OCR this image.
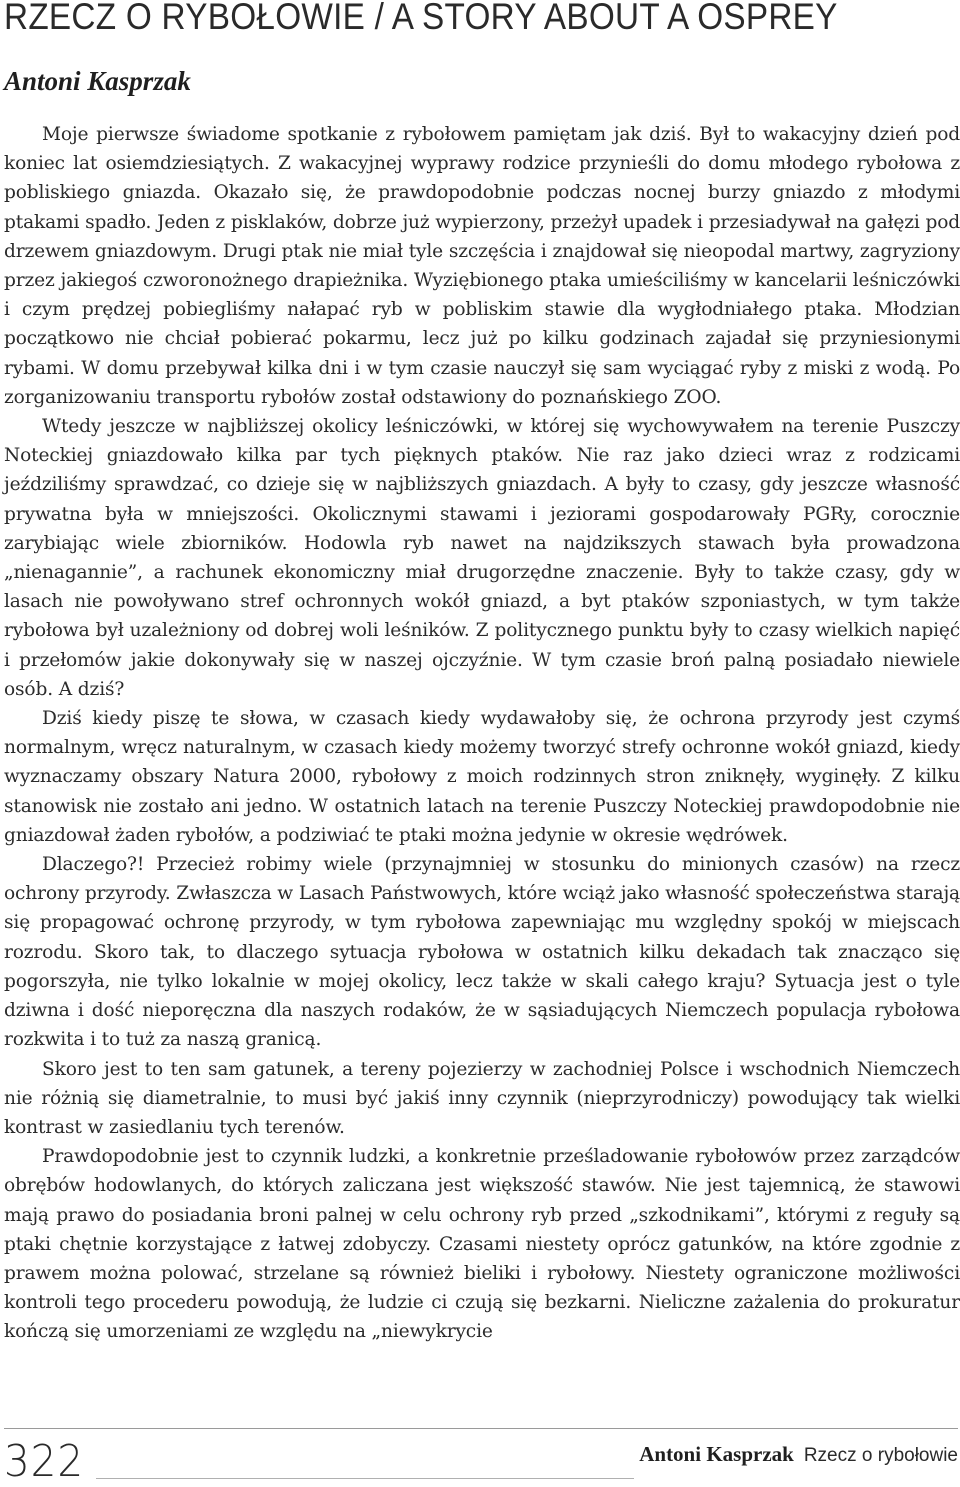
RZECZ O RYBOŁOWIE / A STORY ABOUT A OSPREY
Antoni Kasprzak

Moje pierwsze świadome spotkanie z rybołowem pamiętam jak dziś. Był to wakacyjny dzień pod koniec lat osiemdziesiątych. Z wakacyjnej wyprawy rodzice przynieśli do domu młodego rybołowa z pobliskiego gniazda. Okazało się, że prawdopodobnie podczas nocnej burzy gniazdo z młodymi ptakami spadło. Jeden z pisklaków, dobrze już wypierzony, przeżył upadek i przesiadywał na gałęzi pod drzewem gniazdowym. Drugi ptak nie miał tyle szczęścia i znajdował się nieopodal martwy, zagryziony przez jakiegoś czworonożnego drapieżnika. Wyziębionego ptaka umieściliśmy w kancelarii leśniczówki i czym prędzej pobiegliśmy nałapać ryb w pobliskim stawie dla wygłodniałego ptaka. Młodzian początkowo nie chciał pobierać pokarmu, lecz już po kilku godzinach zajadał się przyniesionymi rybami. W domu przebywał kilka dni i w tym czasie nauczył się sam wyciągać ryby z miski z wodą. Po zorganizowaniu transportu rybołów został odstawiony do poznańskiego ZOO.

Wtedy jeszcze w najbliższej okolicy leśniczówki, w której się wychowywałem na terenie Puszczy Noteckiej gniazdowało kilka par tych pięknych ptaków. Nie raz jako dzieci wraz z rodzicami jeździliśmy sprawdzać, co dzieje się w najbliższych gniazdach. A były to czasy, gdy jeszcze własność prywatna była w mniejszości. Okolicznymi stawami i jeziorami gospodarowały PGRy, corocznie zarybiając wiele zbiorników. Hodowla ryb nawet na najdzikszych stawach była prowadzona „nienagannie”, a rachunek ekonomiczny miał drugorzędne znaczenie. Były to także czasy, gdy w lasach nie powoływano stref ochronnych wokół gniazd, a byt ptaków szponiastych, w tym także rybołowa był uzależniony od dobrej woli leśników. Z politycznego punktu były to czasy wielkich napięć i przełomów jakie dokonywały się w naszej ojczyźnie. W tym czasie broń palną posiadało niewiele osób. A dziś?

Dziś kiedy piszę te słowa, w czasach kiedy wydawałoby się, że ochrona przyrody jest czymś normalnym, wręcz naturalnym, w czasach kiedy możemy tworzyć strefy ochronne wokół gniazd, kiedy wyznaczamy obszary Natura 2000, rybołowy z moich rodzinnych stron zniknęły, wyginęły. Z kilku stanowisk nie zostało ani jedno. W ostatnich latach na terenie Puszczy Noteckiej prawdopodobnie nie gniazdował żaden rybołów, a podziwiać te ptaki można jedynie w okresie wędrówek.

Dlaczego?! Przecież robimy wiele (przynajmniej w stosunku do minionych czasów) na rzecz ochrony przyrody. Zwłaszcza w Lasach Państwowych, które wciąż jako własność społeczeństwa starają się propagować ochronę przyrody, w tym rybołowa zapewniając mu względny spokój w miejscach rozrodu. Skoro tak, to dlaczego sytuacja rybołowa w ostatnich kilku dekadach tak znacząco się pogorszyła, nie tylko lokalnie w mojej okolicy, lecz także w skali całego kraju? Sytuacja jest o tyle dziwna i dość nieporęczna dla naszych rodaków, że w sąsiadujących Niemczech populacja rybołowa rozkwita i to tuż za naszą granicą.

Skoro jest to ten sam gatunek, a tereny pojezierzy w zachodniej Polsce i wschodnich Niemczech nie różnią się diametralnie, to musi być jakiś inny czynnik (nieprzyrodniczy) powodujący tak wielki kontrast w zasiedlaniu tych terenów.

Prawdopodobnie jest to czynnik ludzki, a konkretnie prześladowanie rybołowów przez zarządców obrębów hodowlanych, do których zaliczana jest większość stawów. Nie jest tajemnicą, że stawowi mają prawo do posiadania broni palnej w celu ochrony ryb przed „szkodnikami”, którymi z reguły są ptaki chętnie korzystające z łatwej zdobyczy. Czasami niestety oprócz gatunków, na które zgodnie z prawem można polować, strzelane są również bieliki i rybołowy. Niestety ograniczone możliwości kontroli tego procederu powodują, że ludzie ci czują się bezkarni. Nieliczne zażalenia do prokuratur kończą się umorzeniami ze względu na „niewykrycie

322	Antoni Kasprzak Rzecz o rybołowie
